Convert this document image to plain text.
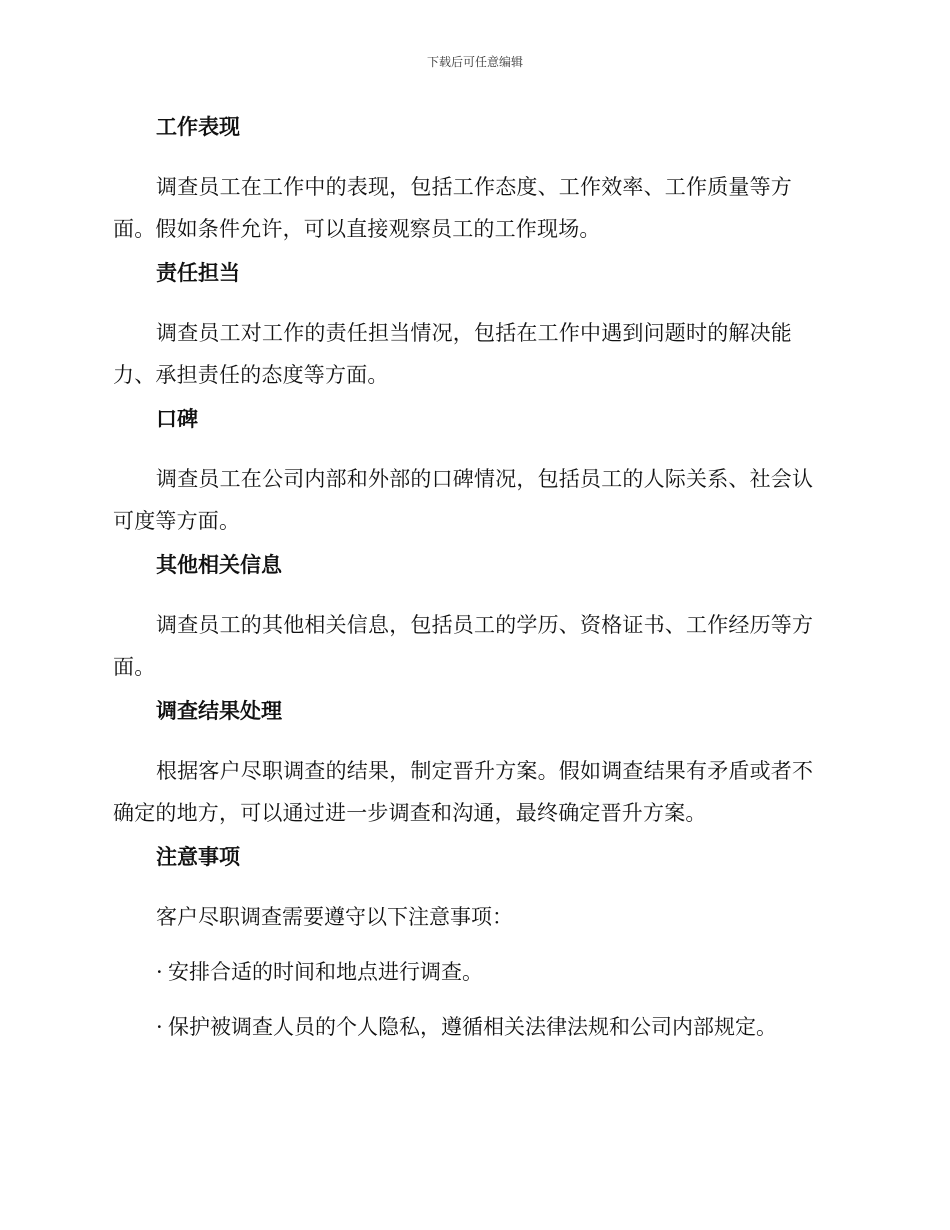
下载后可任意编辑
工作表现

调查员工在工作中的表现，包括工作态度、工作效率、工作质量等方面。假如条件允许，可以直接观察员工的工作现场。

责任担当

调查员工对工作的责任担当情况，包括在工作中遇到问题时的解决能力、承担责任的态度等方面。

口碑

调查员工在公司内部和外部的口碑情况，包括员工的人际关系、社会认可度等方面。

其他相关信息

调查员工的其他相关信息，包括员工的学历、资格证书、工作经历等方面。

调查结果处理

根据客户尽职调查的结果，制定晋升方案。假如调查结果有矛盾或者不确定的地方，可以通过进一步调查和沟通，最终确定晋升方案。

注意事项

客户尽职调查需要遵守以下注意事项：

· 安排合适的时间和地点进行调查。
· 保护被调查人员的个人隐私，遵循相关法律法规和公司内部规定。
